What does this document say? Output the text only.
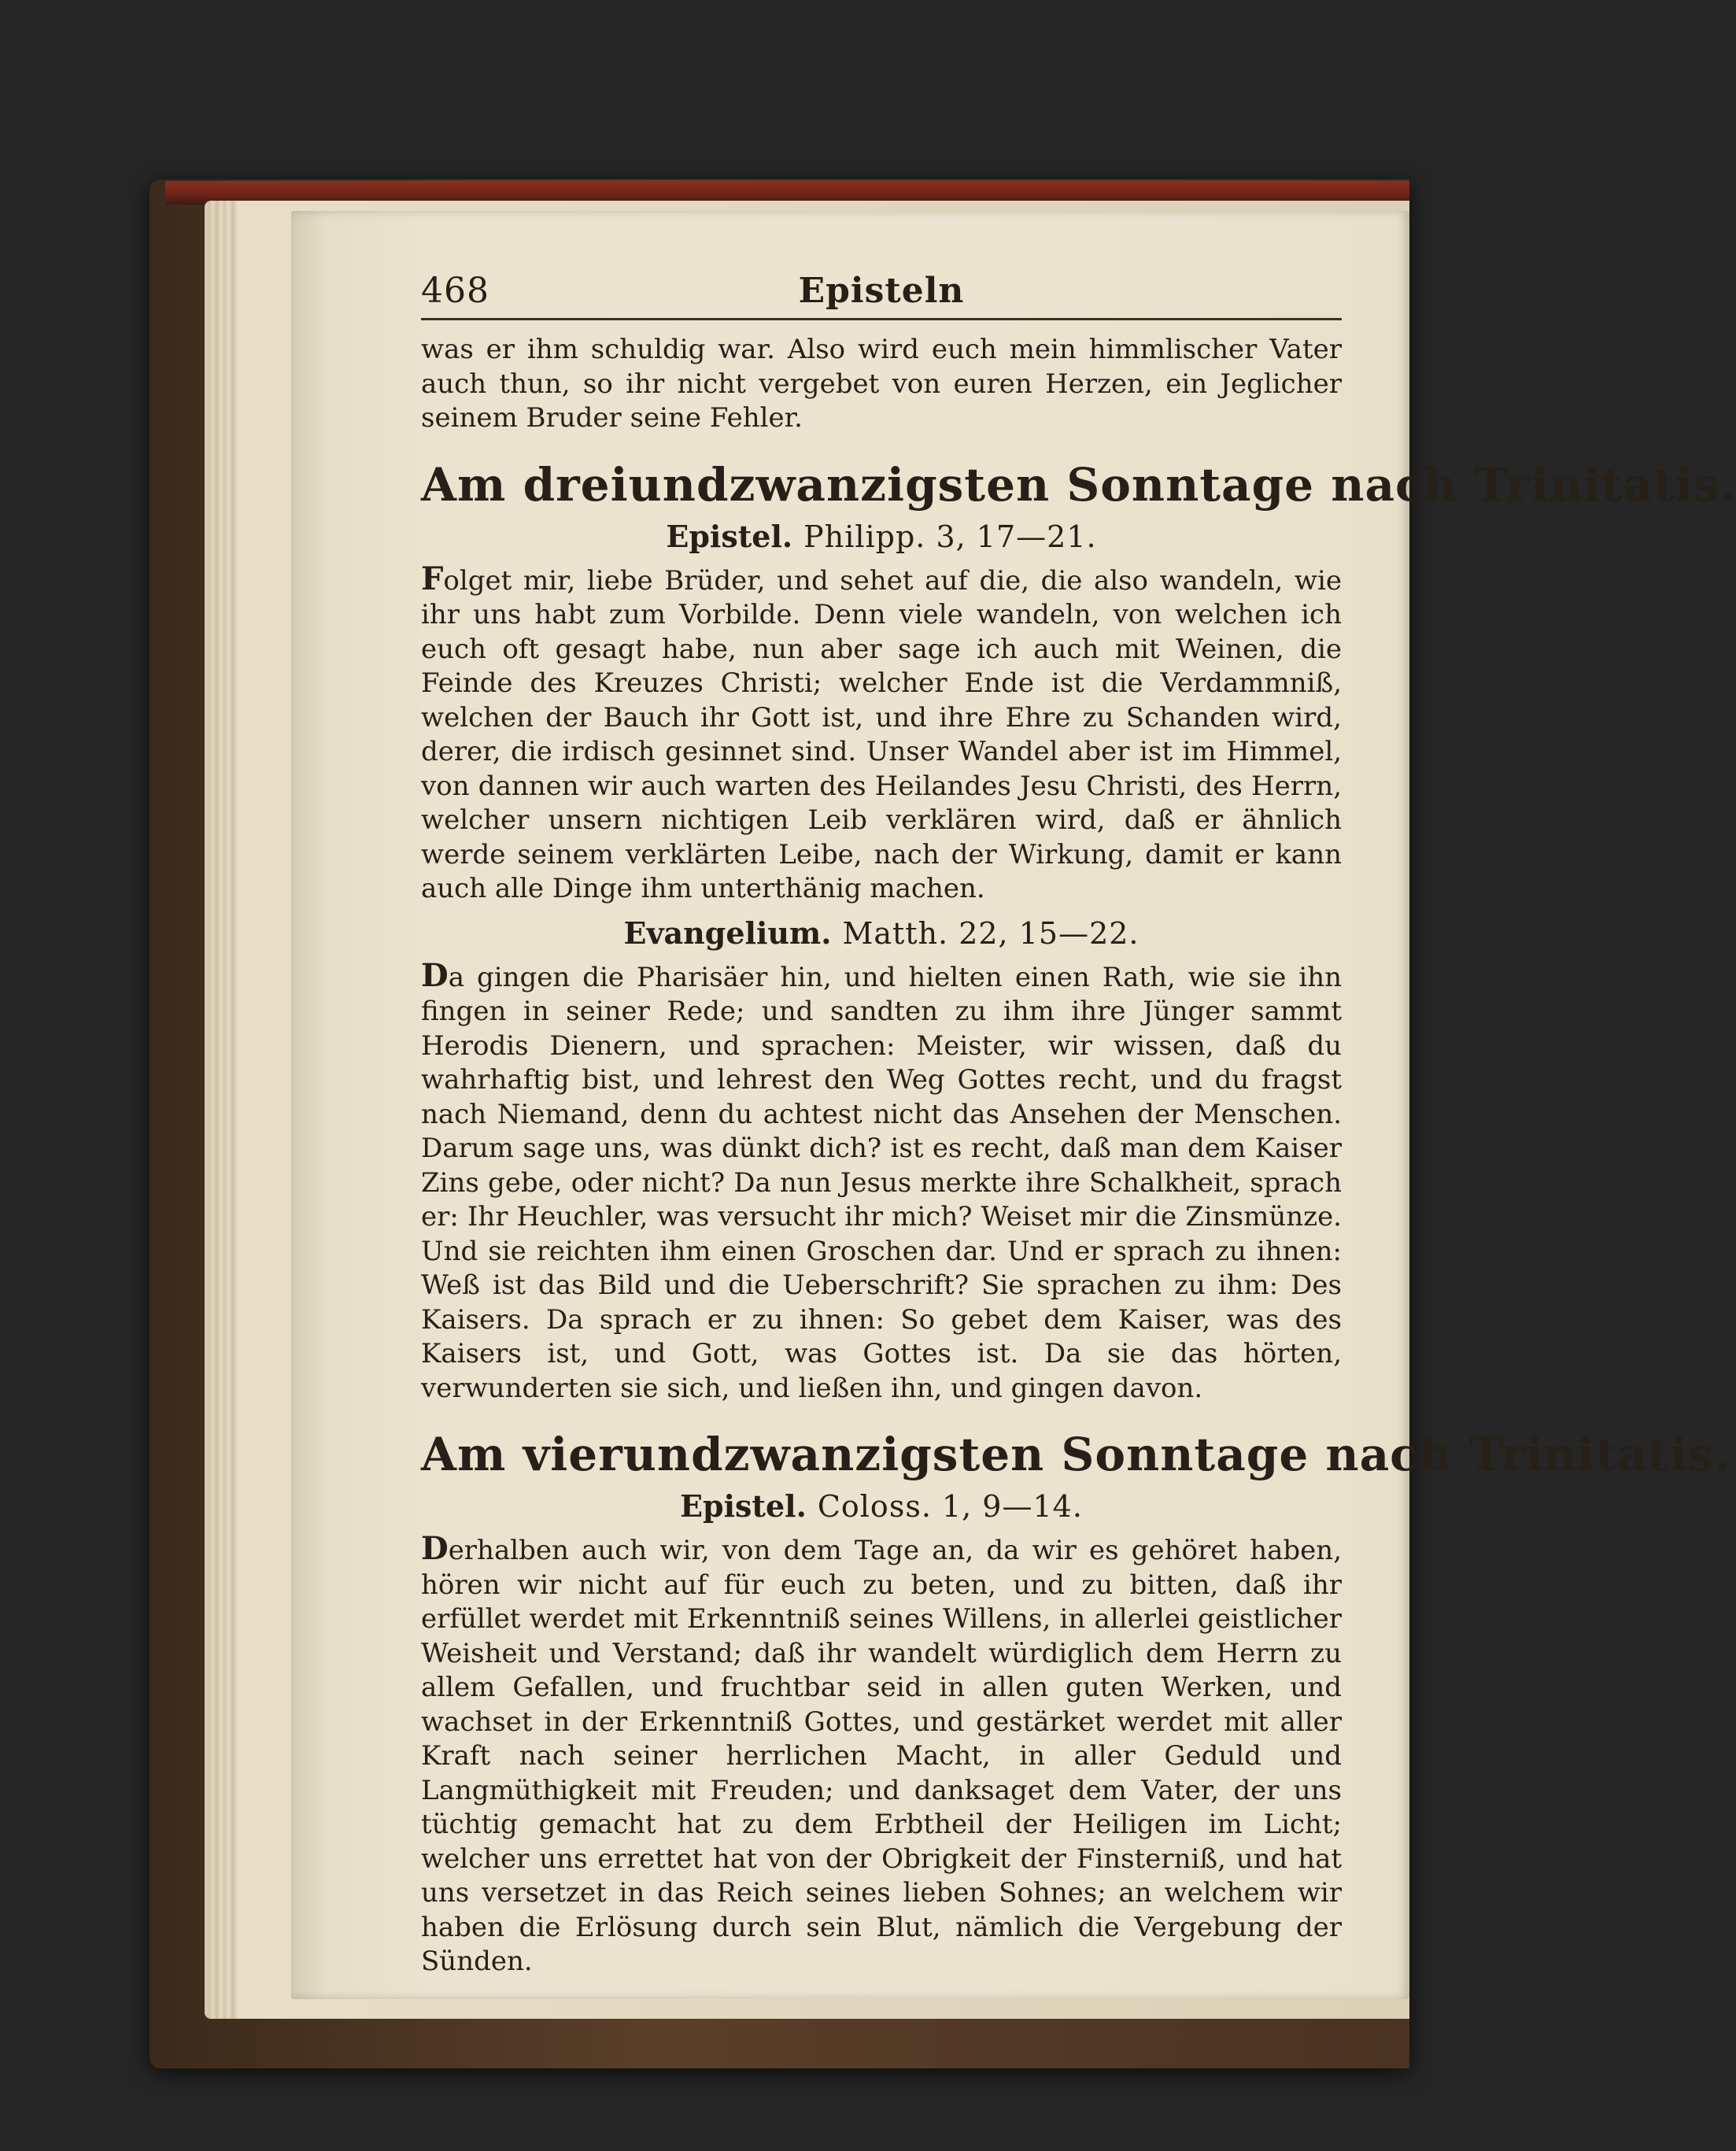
468	Episteln

was er ihm schuldig war. Also wird euch mein himmlischer Vater auch thun, so ihr nicht vergebet von euren Herzen, ein Jeglicher seinem Bruder seine Fehler.

Am dreiundzwanzigsten Sonntage nach Trinitatis.
Epistel. Philipp. 3, 17—21.

Folget mir, liebe Brüder, und sehet auf die, die also wandeln, wie ihr uns habt zum Vorbilde. Denn viele wandeln, von welchen ich euch oft gesagt habe, nun aber sage ich auch mit Weinen, die Feinde des Kreuzes Christi; welcher Ende ist die Verdammniß, welchen der Bauch ihr Gott ist, und ihre Ehre zu Schanden wird, derer, die irdisch gesinnet sind. Unser Wandel aber ist im Himmel, von dannen wir auch warten des Heilandes Jesu Christi, des Herrn, welcher unsern nichtigen Leib verklären wird, daß er ähnlich werde seinem verklärten Leibe, nach der Wirkung, damit er kann auch alle Dinge ihm unterthänig machen.

Evangelium. Matth. 22, 15—22.

Da gingen die Pharisäer hin, und hielten einen Rath, wie sie ihn fingen in seiner Rede; und sandten zu ihm ihre Jünger sammt Herodis Dienern, und sprachen: Meister, wir wissen, daß du wahrhaftig bist, und lehrest den Weg Gottes recht, und du fragst nach Niemand, denn du achtest nicht das Ansehen der Menschen. Darum sage uns, was dünkt dich? ist es recht, daß man dem Kaiser Zins gebe, oder nicht? Da nun Jesus merkte ihre Schalkheit, sprach er: Ihr Heuchler, was versucht ihr mich? Weiset mir die Zinsmünze. Und sie reichten ihm einen Groschen dar. Und er sprach zu ihnen: Weß ist das Bild und die Ueberschrift? Sie sprachen zu ihm: Des Kaisers. Da sprach er zu ihnen: So gebet dem Kaiser, was des Kaisers ist, und Gott, was Gottes ist. Da sie das hörten, verwunderten sie sich, und ließen ihn, und gingen davon.

Am vierundzwanzigsten Sonntage nach Trinitatis.
Epistel. Coloss. 1, 9—14.

Derhalben auch wir, von dem Tage an, da wir es gehöret haben, hören wir nicht auf für euch zu beten, und zu bitten, daß ihr erfüllet werdet mit Erkenntniß seines Willens, in allerlei geistlicher Weisheit und Verstand; daß ihr wandelt würdiglich dem Herrn zu allem Gefallen, und fruchtbar seid in allen guten Werken, und wachset in der Erkenntniß Gottes, und gestärket werdet mit aller Kraft nach seiner herrlichen Macht, in aller Geduld und Langmüthigkeit mit Freuden; und danksaget dem Vater, der uns tüchtig gemacht hat zu dem Erbtheil der Heiligen im Licht; welcher uns errettet hat von der Obrigkeit der Finsterniß, und hat uns versetzet in das Reich seines lieben Sohnes; an welchem wir haben die Erlösung durch sein Blut, nämlich die Vergebung der Sünden.
